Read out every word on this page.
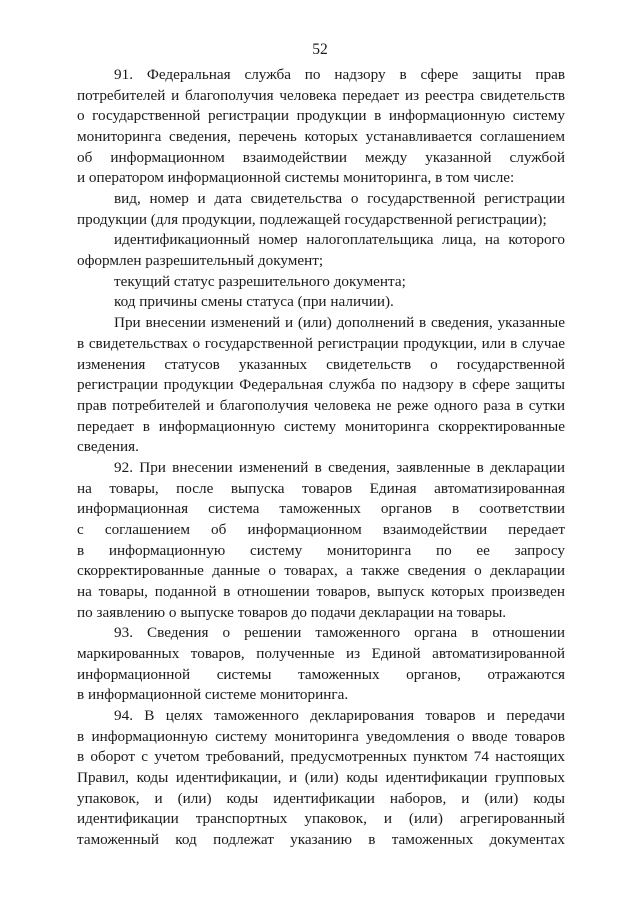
52
91. Федеральная служба по надзору в сфере защиты прав
потребителей и благополучия человека передает из реестра свидетельств
о государственной регистрации продукции в информационную систему
мониторинга сведения, перечень которых устанавливается соглашением
об информационном взаимодействии между указанной службой
и оператором информационной системы мониторинга, в том числе:
вид, номер и дата свидетельства о государственной регистрации
продукции (для продукции, подлежащей государственной регистрации);
идентификационный номер налогоплательщика лица, на которого
оформлен разрешительный документ;
текущий статус разрешительного документа;
код причины смены статуса (при наличии).
При внесении изменений и (или) дополнений в сведения, указанные
в свидетельствах о государственной регистрации продукции, или в случае
изменения статусов указанных свидетельств о государственной
регистрации продукции Федеральная служба по надзору в сфере защиты
прав потребителей и благополучия человека не реже одного раза в сутки
передает в информационную систему мониторинга скорректированные
сведения.
92. При внесении изменений в сведения, заявленные в декларации
на товары, после выпуска товаров Единая автоматизированная
информационная система таможенных органов в соответствии
с соглашением об информационном взаимодействии передает
в информационную систему мониторинга по ее запросу
скорректированные данные о товарах, а также сведения о декларации
на товары, поданной в отношении товаров, выпуск которых произведен
по заявлению о выпуске товаров до подачи декларации на товары.
93. Сведения о решении таможенного органа в отношении
маркированных товаров, полученные из Единой автоматизированной
информационной системы таможенных органов, отражаются
в информационной системе мониторинга.
94. В целях таможенного декларирования товаров и передачи
в информационную систему мониторинга уведомления о вводе товаров
в оборот с учетом требований, предусмотренных пунктом 74 настоящих
Правил, коды идентификации, и (или) коды идентификации групповых
упаковок, и (или) коды идентификации наборов, и (или) коды
идентификации транспортных упаковок, и (или) агрегированный
таможенный код подлежат указанию в таможенных документах
